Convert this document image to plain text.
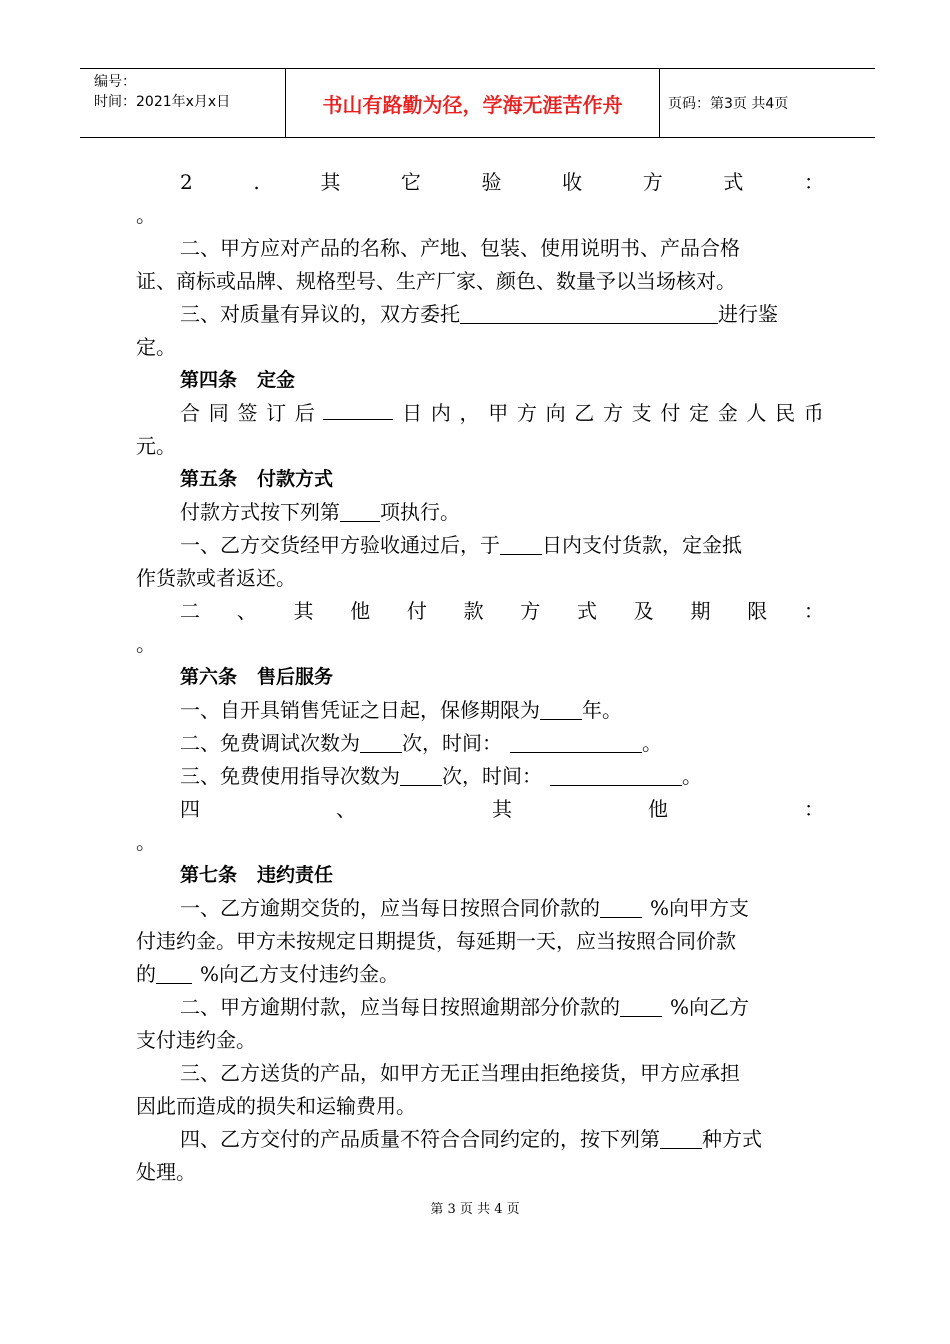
编号：
时间：2021年x月x日	书山有路勤为径，学海无涯苦作舟	页码：第3页 共4页
2	.	其	它	验	收	方	式	：
。
二、甲方应对产品的名称、产地、包装、使用说明书、产品合格
证、商标或品牌、规格型号、生产厂家、颜色、数量予以当场核对。
三、对质量有异议的，双方委托	进行鉴
定。
第四条 定金
合 同 签 订 后	日 内 ， 甲 方 向 乙 方 支 付 定 金 人 民 币
元。
第五条 付款方式
付款方式按下列第 项执行。
一、乙方交货经甲方验收通过后，于 日内支付货款，定金抵
作货款或者返还。
二 、 其 他 付 款 方 式 及 期 限 ：
。
第六条 售后服务
一、自开具销售凭证之日起，保修期限为 年。
二、免费调试次数为 次，时间：	。
三、免费使用指导次数为 次，时间：	。
四	、	其	他	：
。
第七条 违约责任
一、乙方逾期交货的，应当每日按照合同价款的	%向甲方支
付违约金。甲方未按规定日期提货，每延期一天，应当按照合同价款
的 %向乙方支付违约金。
二、甲方逾期付款，应当每日按照逾期部分价款的	%向乙方
支付违约金。
三、乙方送货的产品，如甲方无正当理由拒绝接货，甲方应承担
因此而造成的损失和运输费用。
四、乙方交付的产品质量不符合合同约定的，按下列第 种方式
处理。
第 3 页 共 4 页
